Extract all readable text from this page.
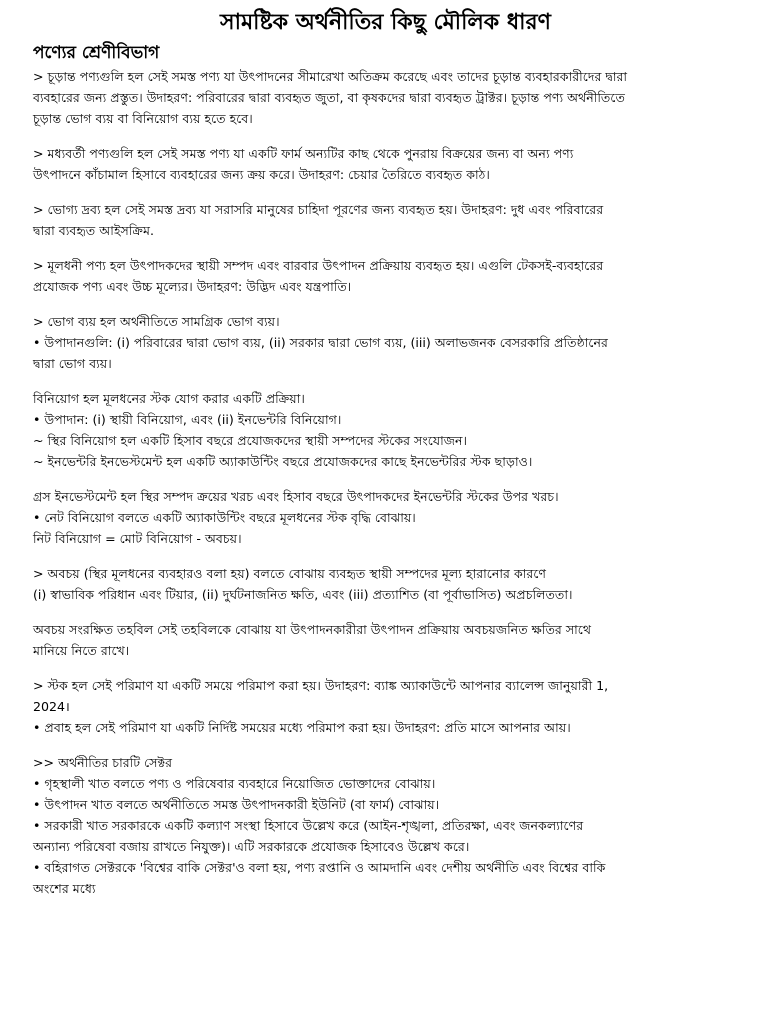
সামষ্টিক অর্থনীতির কিছু মৌলিক ধারণ
পণ্যের শ্রেণীবিভাগ
> চূড়ান্ত পণ্যগুলি হল সেই সমস্ত পণ্য যা উৎপাদনের সীমারেখা অতিক্রম করেছে এবং তাদের চূড়ান্ত ব্যবহারকারীদের দ্বারা
ব্যবহারের জন্য প্রস্তুত। উদাহরণ: পরিবারের দ্বারা ব্যবহৃত জুতা, বা কৃষকদের দ্বারা ব্যবহৃত ট্রাক্টর। চূড়ান্ত পণ্য অর্থনীতিতে
চূড়ান্ত ভোগ ব্যয় বা বিনিয়োগ ব্যয় হতে হবে।
> মধ্যবর্তী পণ্যগুলি হল সেই সমস্ত পণ্য যা একটি ফার্ম অন্যটির কাছ থেকে পুনরায় বিক্রয়ের জন্য বা অন্য পণ্য
উৎপাদনে কাঁচামাল হিসাবে ব্যবহারের জন্য ক্রয় করে। উদাহরণ: চেয়ার তৈরিতে ব্যবহৃত কাঠ।
> ভোগ্য দ্রব্য হল সেই সমস্ত দ্রব্য যা সরাসরি মানুষের চাহিদা পূরণের জন্য ব্যবহৃত হয়। উদাহরণ: দুধ এবং পরিবারের
দ্বারা ব্যবহৃত আইসক্রিম.
> মূলধনী পণ্য হল উৎপাদকদের স্থায়ী সম্পদ এবং বারবার উৎপাদন প্রক্রিয়ায় ব্যবহৃত হয়। এগুলি টেকসই-ব্যবহারের
প্রযোজক পণ্য এবং উচ্চ মূল্যের। উদাহরণ: উদ্ভিদ এবং যন্ত্রপাতি।
> ভোগ ব্যয় হল অর্থনীতিতে সামগ্রিক ভোগ ব্যয়।
• উপাদানগুলি: (i) পরিবারের দ্বারা ভোগ ব্যয়, (ii) সরকার দ্বারা ভোগ ব্যয়, (iii) অলাভজনক বেসরকারি প্রতিষ্ঠানের
দ্বারা ভোগ ব্যয়।
বিনিয়োগ হল মূলধনের স্টক যোগ করার একটি প্রক্রিয়া।
• উপাদান: (i) স্থায়ী বিনিয়োগ, এবং (ii) ইনভেন্টরি বিনিয়োগ।
~ স্থির বিনিয়োগ হল একটি হিসাব বছরে প্রযোজকদের স্থায়ী সম্পদের স্টকের সংযোজন।
~ ইনভেন্টরি ইনভেস্টমেন্ট হল একটি অ্যাকাউন্টিং বছরে প্রযোজকদের কাছে ইনভেন্টরির স্টক ছাড়াও।
গ্রস ইনভেস্টমেন্ট হল স্থির সম্পদ ক্রয়ের খরচ এবং হিসাব বছরে উৎপাদকদের ইনভেন্টরি স্টকের উপর খরচ।
• নেট বিনিয়োগ বলতে একটি অ্যাকাউন্টিং বছরে মূলধনের স্টক বৃদ্ধি বোঝায়।
নিট বিনিয়োগ = মোট বিনিয়োগ - অবচয়।
> অবচয় (স্থির মূলধনের ব্যবহারও বলা হয়) বলতে বোঝায় ব্যবহৃত স্থায়ী সম্পদের মূল্য হারানোর কারণে
(i) স্বাভাবিক পরিধান এবং টিয়ার, (ii) দুর্ঘটনাজনিত ক্ষতি, এবং (iii) প্রত্যাশিত (বা পূর্বাভাসিত) অপ্রচলিততা।
অবচয় সংরক্ষিত তহবিল সেই তহবিলকে বোঝায় যা উৎপাদনকারীরা উৎপাদন প্রক্রিয়ায় অবচয়জনিত ক্ষতির সাথে
মানিয়ে নিতে রাখে।
> স্টক হল সেই পরিমাণ যা একটি সময়ে পরিমাপ করা হয়। উদাহরণ: ব্যাঙ্ক অ্যাকাউন্টে আপনার ব্যালেন্স জানুয়ারী 1,
2024।
• প্রবাহ হল সেই পরিমাণ যা একটি নির্দিষ্ট সময়ের মধ্যে পরিমাপ করা হয়। উদাহরণ: প্রতি মাসে আপনার আয়।
>> অর্থনীতির চারটি সেক্টর
• গৃহস্থালী খাত বলতে পণ্য ও পরিষেবার ব্যবহারে নিয়োজিত ভোক্তাদের বোঝায়।
• উৎপাদন খাত বলতে অর্থনীতিতে সমস্ত উৎপাদনকারী ইউনিট (বা ফার্ম) বোঝায়।
• সরকারী খাত সরকারকে একটি কল্যাণ সংস্থা হিসাবে উল্লেখ করে (আইন-শৃঙ্খলা, প্রতিরক্ষা, এবং জনকল্যাণের
অন্যান্য পরিষেবা বজায় রাখতে নিযুক্ত)। এটি সরকারকে প্রযোজক হিসাবেও উল্লেখ করে।
• বহিরাগত সেক্টরকে 'বিশ্বের বাকি সেক্টর'ও বলা হয়, পণ্য রপ্তানি ও আমদানি এবং দেশীয় অর্থনীতি এবং বিশ্বের বাকি
অংশের মধ্যে
